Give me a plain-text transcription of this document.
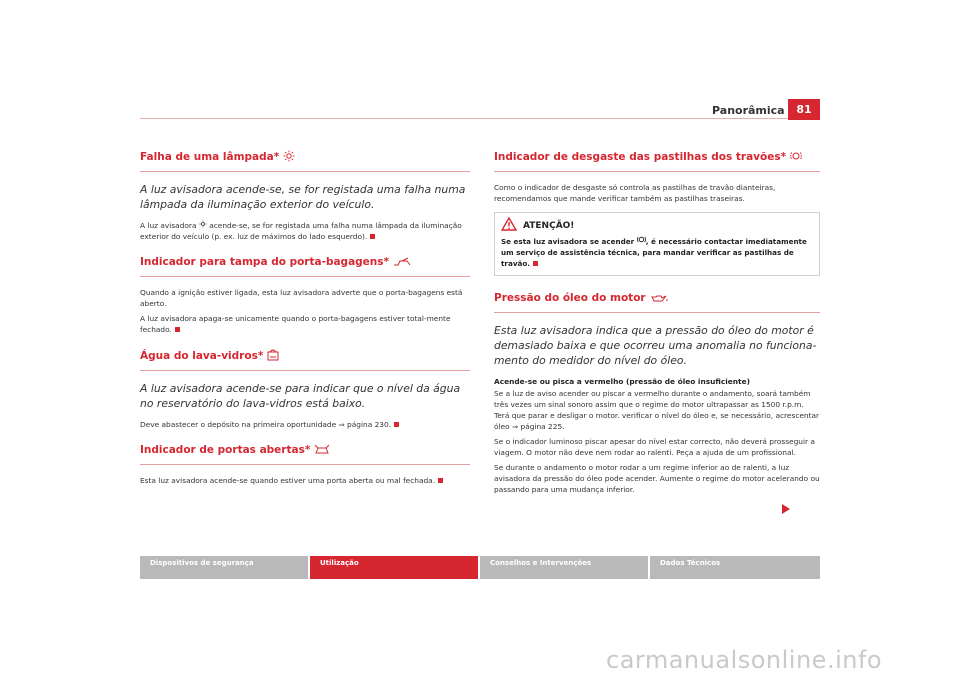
Panorâmica	81
Falha de uma lâmpada*

A luz avisadora acende-se, se for registada uma falha numa lâmpada da iluminação exterior do veículo.

A luz avisadora acende-se, se for registada uma falha numa lâmpada da iluminação exterior do veículo (p. ex. luz de máximos do lado esquerdo).

Indicador para tampa do porta-bagagens*

Quando a ignição estiver ligada, esta luz avisadora adverte que o porta-bagagens está aberto.

A luz avisadora apaga-se unicamente quando o porta-bagagens estiver total-mente fechado.

Água do lava-vidros*

A luz avisadora acende-se para indicar que o nível da água no reservatório do lava-vidros está baixo.

Deve abastecer o depósito na primeira oportunidade ⇒ página 230.

Indicador de portas abertas*

Esta luz avisadora acende-se quando estiver uma porta aberta ou mal fechada.

Indicador de desgaste das pastilhas dos travões*

Como o indicador de desgaste só controla as pastilhas de travão dianteiras, recomendamos que mande verificar também as pastilhas traseiras.

ATENÇÃO!
Se esta luz avisadora se acender , é necessário contactar imediatamente um serviço de assistência técnica, para mandar verificar as pastilhas de travão.
Pressão do óleo do motor

Esta luz avisadora indica que a pressão do óleo do motor é demasiado baixa e que ocorreu uma anomalia no funciona-mento do medidor do nível do óleo.

Acende-se ou pisca a vermelho (pressão de óleo insuficiente)

Se a luz de aviso acender ou piscar a vermelho durante o andamento, soará também três vezes um sinal sonoro assim que o regime do motor ultrapassar as 1500 r.p.m. Terá que parar e desligar o motor. verificar o nível do óleo e, se necessário, acrescentar óleo ⇒ página 225.

Se o indicador luminoso piscar apesar do nível estar correcto, não deverá prosseguir a viagem. O motor não deve nem rodar ao ralenti. Peça a ajuda de um profissional.

Se durante o andamento o motor rodar a um regime inferior ao de ralenti, a luz avisadora da pressão do óleo pode acender. Aumente o regime do motor acelerando ou passando para uma mudança inferior.

Dispositivos de segurança	Utilização	Conselhos e Intervenções	Dados Técnicos
carmanualsonline.info
